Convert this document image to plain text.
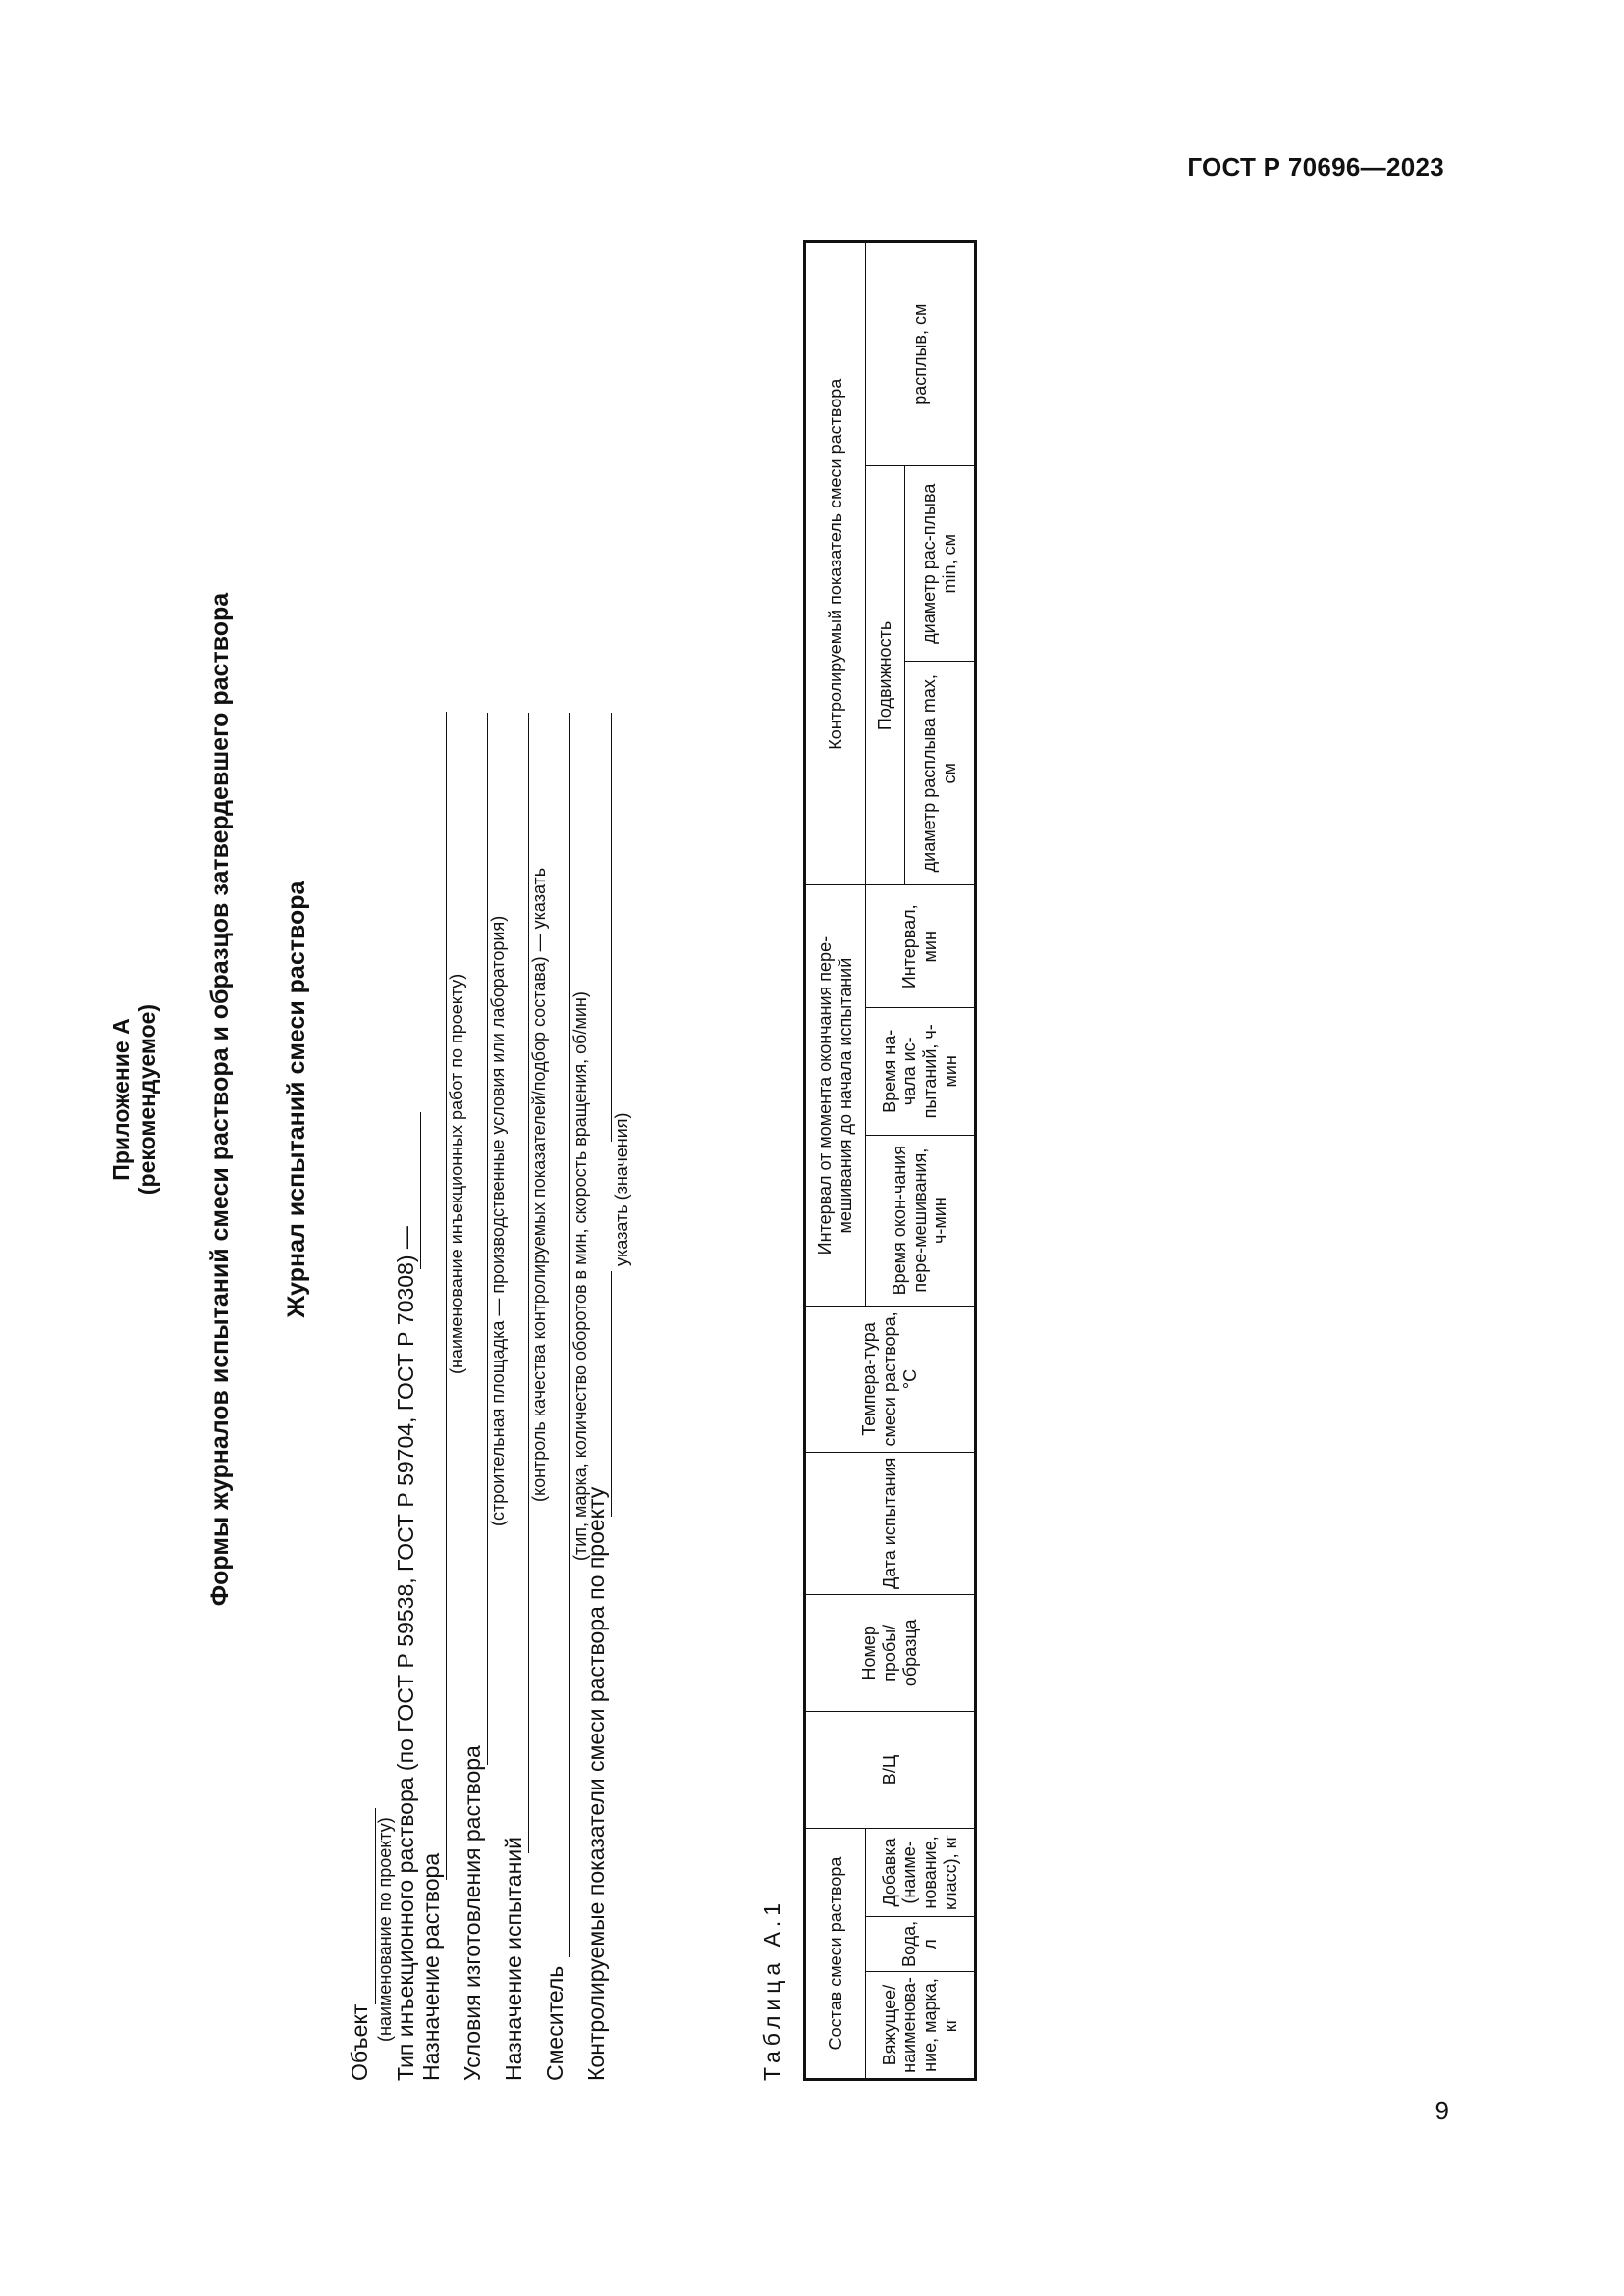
ГОСТ Р 70696—2023
9
Приложение А (рекомендуемое) Формы журналов испытаний смеси раствора и образцов затвердевшего раствора Журнал испытаний смеси раствора
Объект
(наименование по проекту)
Тип инъекционного раствора (по ГОСТ Р 59538, ГОСТ Р 59704, ГОСТ Р 70308) — Назначение раствора
(наименование инъекционных работ по проекту)
Условия изготовления раствора
(строительная площадка — производственные условия или лаборатория)
Назначение испытаний
(контроль качества контролируемых показателей/подбор состава) — указать
Смеситель
(тип, марка, количество оборотов в мин, скорость вращения, об/мин)
Контролируемые показатели смеси раствора по проекту
указать (значения)
Таблица А.1 Состав смеси раствора			В/Ц	Номер пробы/ образца	Дата испытания	Темпера-тура смеси раствора, °С	Интервал от момента окончания пере-мешивания до начала испытаний			Контролируемый показатель смеси раствора		
Вяжущее/ наименова-ние, марка, кг	Вода, л	Добавка (наиме-нование, класс), кг					Время окон-чания пере-мешивания, ч-мин	Время на-чала ис-пытаний, ч-мин	Интервал, мин	Подвижность		расплыв, см
										диаметр расплыва max, см	диаметр рас-плыва min, см	
